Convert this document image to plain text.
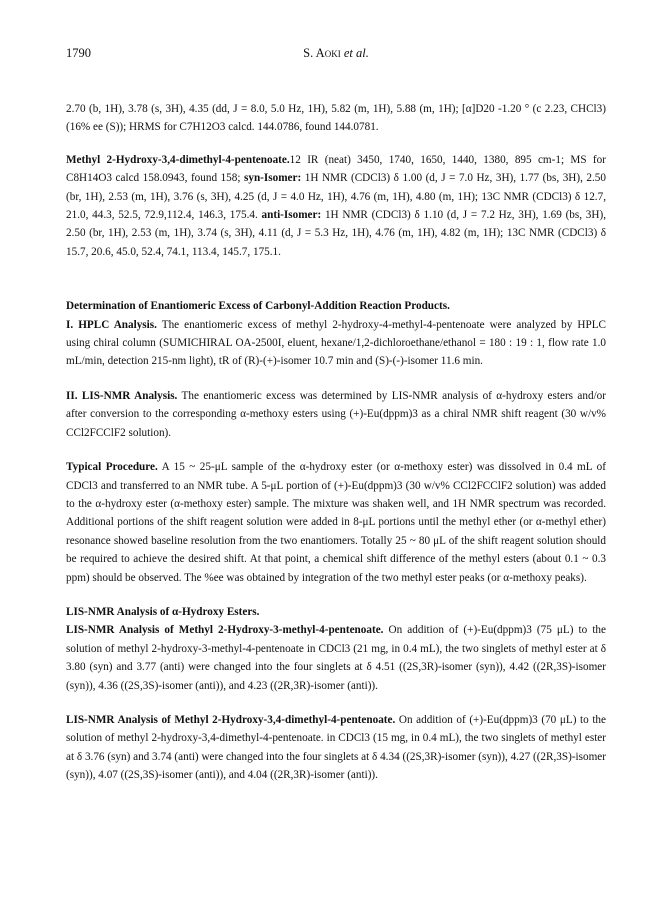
1790	S. Aoki et al.

2.70 (b, 1H), 3.78 (s, 3H), 4.35 (dd, J = 8.0, 5.0 Hz, 1H), 5.82 (m, 1H), 5.88 (m, 1H); [α]D20 -1.20 ° (c 2.23, CHCl3) (16% ee (S)); HRMS for C7H12O3 calcd. 144.0786, found 144.0781.

Methyl 2-Hydroxy-3,4-dimethyl-4-pentenoate.12 IR (neat) 3450, 1740, 1650, 1440, 1380, 895 cm-1; MS for C8H14O3 calcd 158.0943, found 158; syn-Isomer: 1H NMR (CDCl3) δ 1.00 (d, J = 7.0 Hz, 3H), 1.77 (bs, 3H), 2.50 (br, 1H), 2.53 (m, 1H), 3.76 (s, 3H), 4.25 (d, J = 4.0 Hz, 1H), 4.76 (m, 1H), 4.80 (m, 1H); 13C NMR (CDCl3) δ 12.7, 21.0, 44.3, 52.5, 72.9,112.4, 146.3, 175.4. anti-Isomer: 1H NMR (CDCl3) δ 1.10 (d, J = 7.2 Hz, 3H), 1.69 (bs, 3H), 2.50 (br, 1H), 2.53 (m, 1H), 3.74 (s, 3H), 4.11 (d, J = 5.3 Hz, 1H), 4.76 (m, 1H), 4.82 (m, 1H); 13C NMR (CDCl3) δ 15.7, 20.6, 45.0, 52.4, 74.1, 113.4, 145.7, 175.1.

Determination of Enantiomeric Excess of Carbonyl-Addition Reaction Products.
I. HPLC Analysis. The enantiomeric excess of methyl 2-hydroxy-4-methyl-4-pentenoate were analyzed by HPLC using chiral column (SUMICHIRAL OA-2500I, eluent, hexane/1,2-dichloroethane/ethanol = 180 : 19 : 1, flow rate 1.0 mL/min, detection 215-nm light), tR of (R)-(+)-isomer 10.7 min and (S)-(-)-isomer 11.6 min.

II. LIS-NMR Analysis. The enantiomeric excess was determined by LIS-NMR analysis of α-hydroxy esters and/or after conversion to the corresponding α-methoxy esters using (+)-Eu(dppm)3 as a chiral NMR shift reagent (30 w/v% CCl2FCClF2 solution).

Typical Procedure. A 15 ~ 25-μL sample of the α-hydroxy ester (or α-methoxy ester) was dissolved in 0.4 mL of CDCl3 and transferred to an NMR tube. A 5-μL portion of (+)-Eu(dppm)3 (30 w/v% CCl2FCClF2 solution) was added to the α-hydroxy ester (α-methoxy ester) sample. The mixture was shaken well, and 1H NMR spectrum was recorded. Additional portions of the shift reagent solution were added in 8-μL portions until the methyl ether (or α-methyl ether) resonance showed baseline resolution from the two enantiomers. Totally 25 ~ 80 μL of the shift reagent solution should be required to achieve the desired shift. At that point, a chemical shift difference of the methyl esters (about 0.1 ~ 0.3 ppm) should be observed. The %ee was obtained by integration of the two methyl ester peaks (or α-methoxy peaks).

LIS-NMR Analysis of α-Hydroxy Esters.
LIS-NMR Analysis of Methyl 2-Hydroxy-3-methyl-4-pentenoate. On addition of (+)-Eu(dppm)3 (75 μL) to the solution of methyl 2-hydroxy-3-methyl-4-pentenoate in CDCl3 (21 mg, in 0.4 mL), the two singlets of methyl ester at δ 3.80 (syn) and 3.77 (anti) were changed into the four singlets at δ 4.51 ((2S,3R)-isomer (syn)), 4.42 ((2R,3S)-isomer (syn)), 4.36 ((2S,3S)-isomer (anti)), and 4.23 ((2R,3R)-isomer (anti)).

LIS-NMR Analysis of Methyl 2-Hydroxy-3,4-dimethyl-4-pentenoate. On addition of (+)-Eu(dppm)3 (70 μL) to the solution of methyl 2-hydroxy-3,4-dimethyl-4-pentenoate. in CDCl3 (15 mg, in 0.4 mL), the two singlets of methyl ester at δ 3.76 (syn) and 3.74 (anti) were changed into the four singlets at δ 4.34 ((2S,3R)-isomer (syn)), 4.27 ((2R,3S)-isomer (syn)), 4.07 ((2S,3S)-isomer (anti)), and 4.04 ((2R,3R)-isomer (anti)).
